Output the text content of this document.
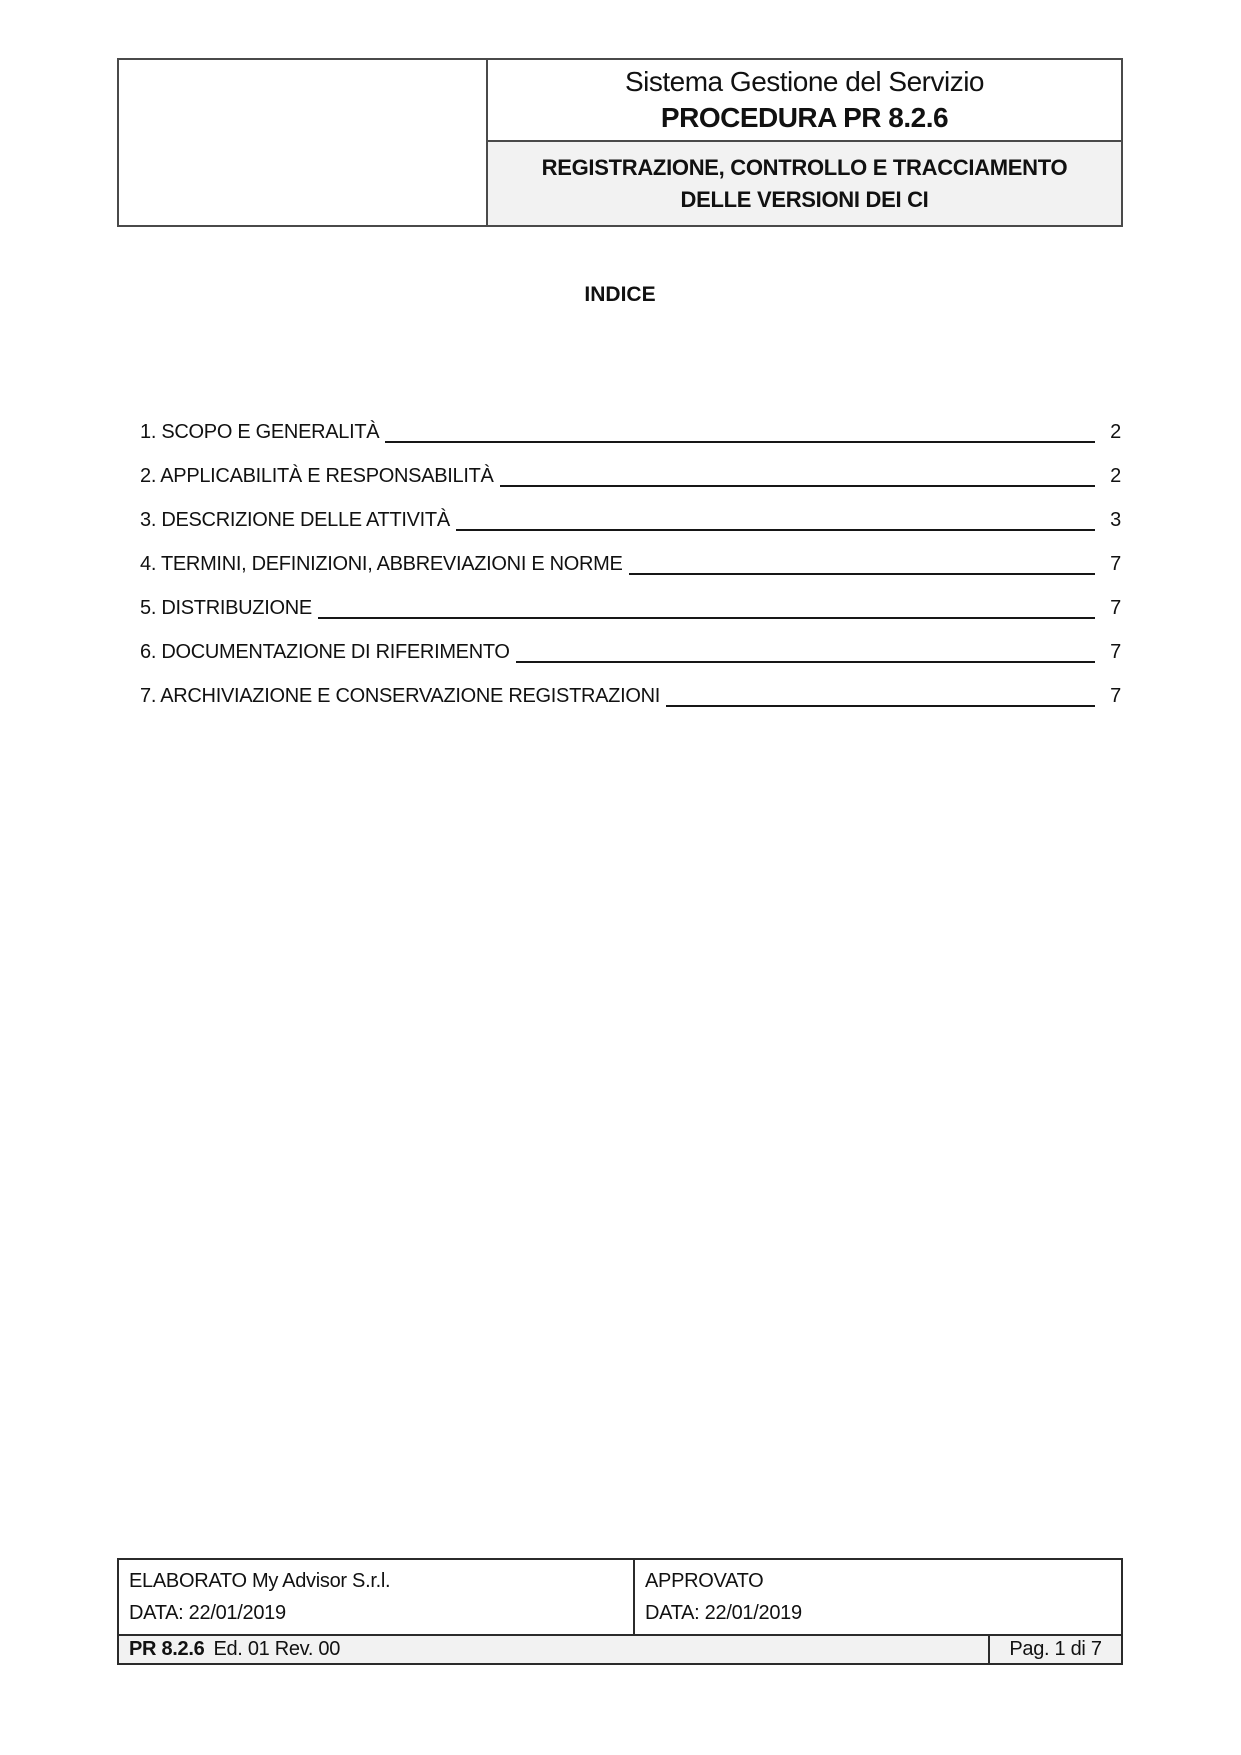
Sistema Gestione del Servizio
PROCEDURA PR 8.2.6
REGISTRAZIONE, CONTROLLO E TRACCIAMENTO
DELLE VERSIONI DEI CI
INDICE
1. SCOPO E GENERALITÀ	2
2. APPLICABILITÀ E RESPONSABILITÀ	2
3. DESCRIZIONE DELLE ATTIVITÀ	3
4. TERMINI, DEFINIZIONI, ABBREVIAZIONI E NORME	7
5. DISTRIBUZIONE	7
6. DOCUMENTAZIONE DI RIFERIMENTO	7
7. ARCHIVIAZIONE E CONSERVAZIONE REGISTRAZIONI	7
ELABORATO My Advisor S.r.l.
DATA: 22/01/2019
APPROVATO
DATA: 22/01/2019
PR 8.2.6 Ed. 01 Rev. 00	Pag. 1 di 7
